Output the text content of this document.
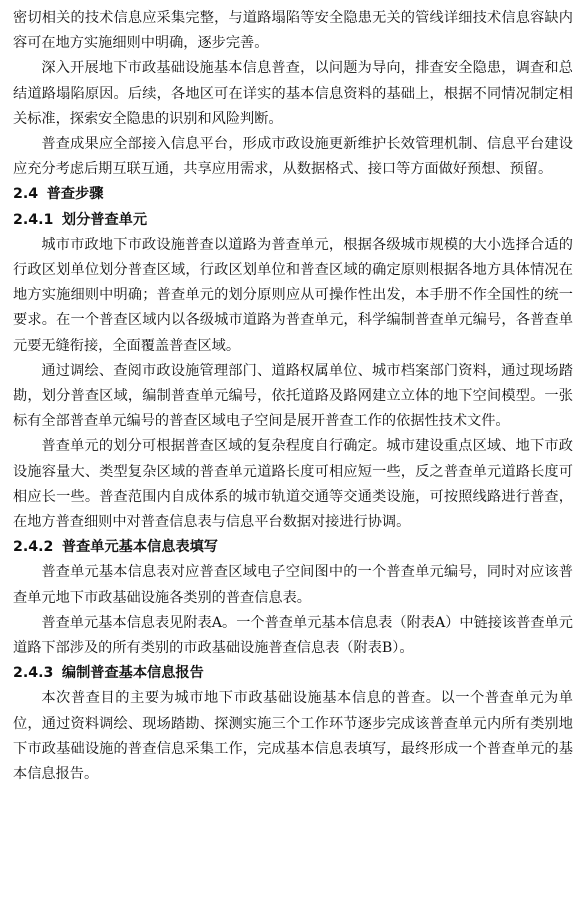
密切相关的技术信息应采集完整，与道路塌陷等安全隐患无关的管线详细技术信息容缺内容可在地方实施细则中明确，逐步完善。

深入开展地下市政基础设施基本信息普查，以问题为导向，排查安全隐患，调查和总结道路塌陷原因。后续，各地区可在详实的基本信息资料的基础上，根据不同情况制定相关标准，探索安全隐患的识别和风险判断。

普查成果应全部接入信息平台，形成市政设施更新维护长效管理机制、信息平台建设应充分考虑后期互联互通，共享应用需求，从数据格式、接口等方面做好预想、预留。

2.4 普查步骤
2.4.1 划分普查单元

城市市政地下市政设施普查以道路为普查单元，根据各级城市规模的大小选择合适的行政区划单位划分普查区域，行政区划单位和普查区域的确定原则根据各地方具体情况在地方实施细则中明确；普查单元的划分原则应从可操作性出发，本手册不作全国性的统一要求。在一个普查区域内以各级城市道路为普查单元，科学编制普查单元编号，各普查单元要无缝衔接，全面覆盖普查区域。

通过调绘、查阅市政设施管理部门、道路权属单位、城市档案部门资料，通过现场踏勘，划分普查区域，编制普查单元编号，依托道路及路网建立立体的地下空间模型。一张标有全部普查单元编号的普查区域电子空间是展开普查工作的依据性技术文件。

普查单元的划分可根据普查区域的复杂程度自行确定。城市建设重点区域、地下市政设施容量大、类型复杂区域的普查单元道路长度可相应短一些，反之普查单元道路长度可相应长一些。普查范围内自成体系的城市轨道交通等交通类设施，可按照线路进行普查，在地方普查细则中对普查信息表与信息平台数据对接进行协调。

2.4.2 普查单元基本信息表填写

普查单元基本信息表对应普查区域电子空间图中的一个普查单元编号，同时对应该普查单元地下市政基础设施各类别的普查信息表。

普查单元基本信息表见附表A。一个普查单元基本信息表（附表A）中链接该普查单元道路下部涉及的所有类别的市政基础设施普查信息表（附表B）。

2.4.3 编制普查基本信息报告

本次普查目的主要为城市地下市政基础设施基本信息的普查。以一个普查单元为单位，通过资料调绘、现场踏勘、探测实施三个工作环节逐步完成该普查单元内所有类别地下市政基础设施的普查信息采集工作，完成基本信息表填写，最终形成一个普查单元的基本信息报告。
